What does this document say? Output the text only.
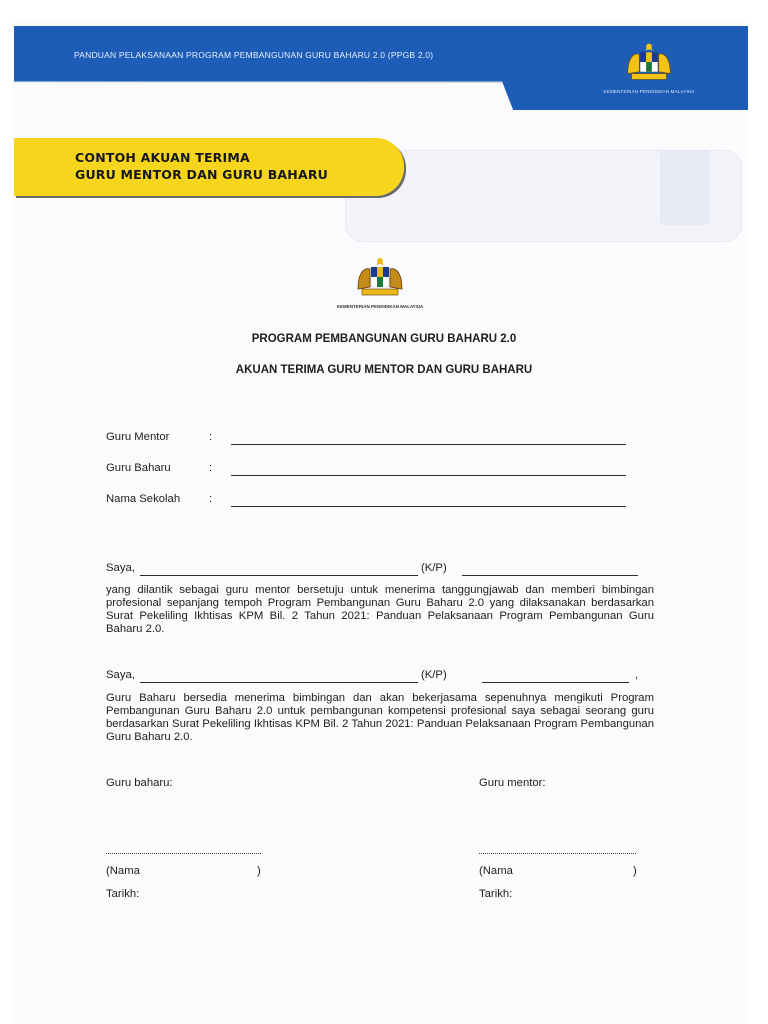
PANDUAN PELAKSANAAN PROGRAM PEMBANGUNAN GURU BAHARU 2.0 (PPGB 2.0)
KEMENTERIAN PENDIDIKAN MALAYSIA
CONTOH AKUAN TERIMA
GURU MENTOR DAN GURU BAHARU
KEMENTERIAN PENDIDIKAN MALAYSIA
PROGRAM PEMBANGUNAN GURU BAHARU 2.0
AKUAN TERIMA GURU MENTOR DAN GURU BAHARU
Guru Mentor	:
Guru Baharu	:
Nama Sekolah	:
Saya,	(K/P)
yang dilantik sebagai guru mentor bersetuju untuk menerima tanggungjawab dan memberi bimbingan profesional sepanjang tempoh Program Pembangunan Guru Baharu 2.0 yang dilaksanakan berdasarkan Surat Pekeliling Ikhtisas KPM Bil. 2 Tahun 2021: Panduan Pelaksanaan Program Pembangunan Guru Baharu 2.0.
Saya,	(K/P)	,
Guru Baharu bersedia menerima bimbingan dan akan bekerjasama sepenuhnya mengikuti Program Pembangunan Guru Baharu 2.0 untuk pembangunan kompetensi profesional saya sebagai seorang guru berdasarkan Surat Pekeliling Ikhtisas KPM Bil. 2 Tahun 2021: Panduan Pelaksanaan Program Pembangunan Guru Baharu 2.0.
Guru baharu:	Guru mentor:
(Nama	)	(Nama	)
Tarikh:	Tarikh:
